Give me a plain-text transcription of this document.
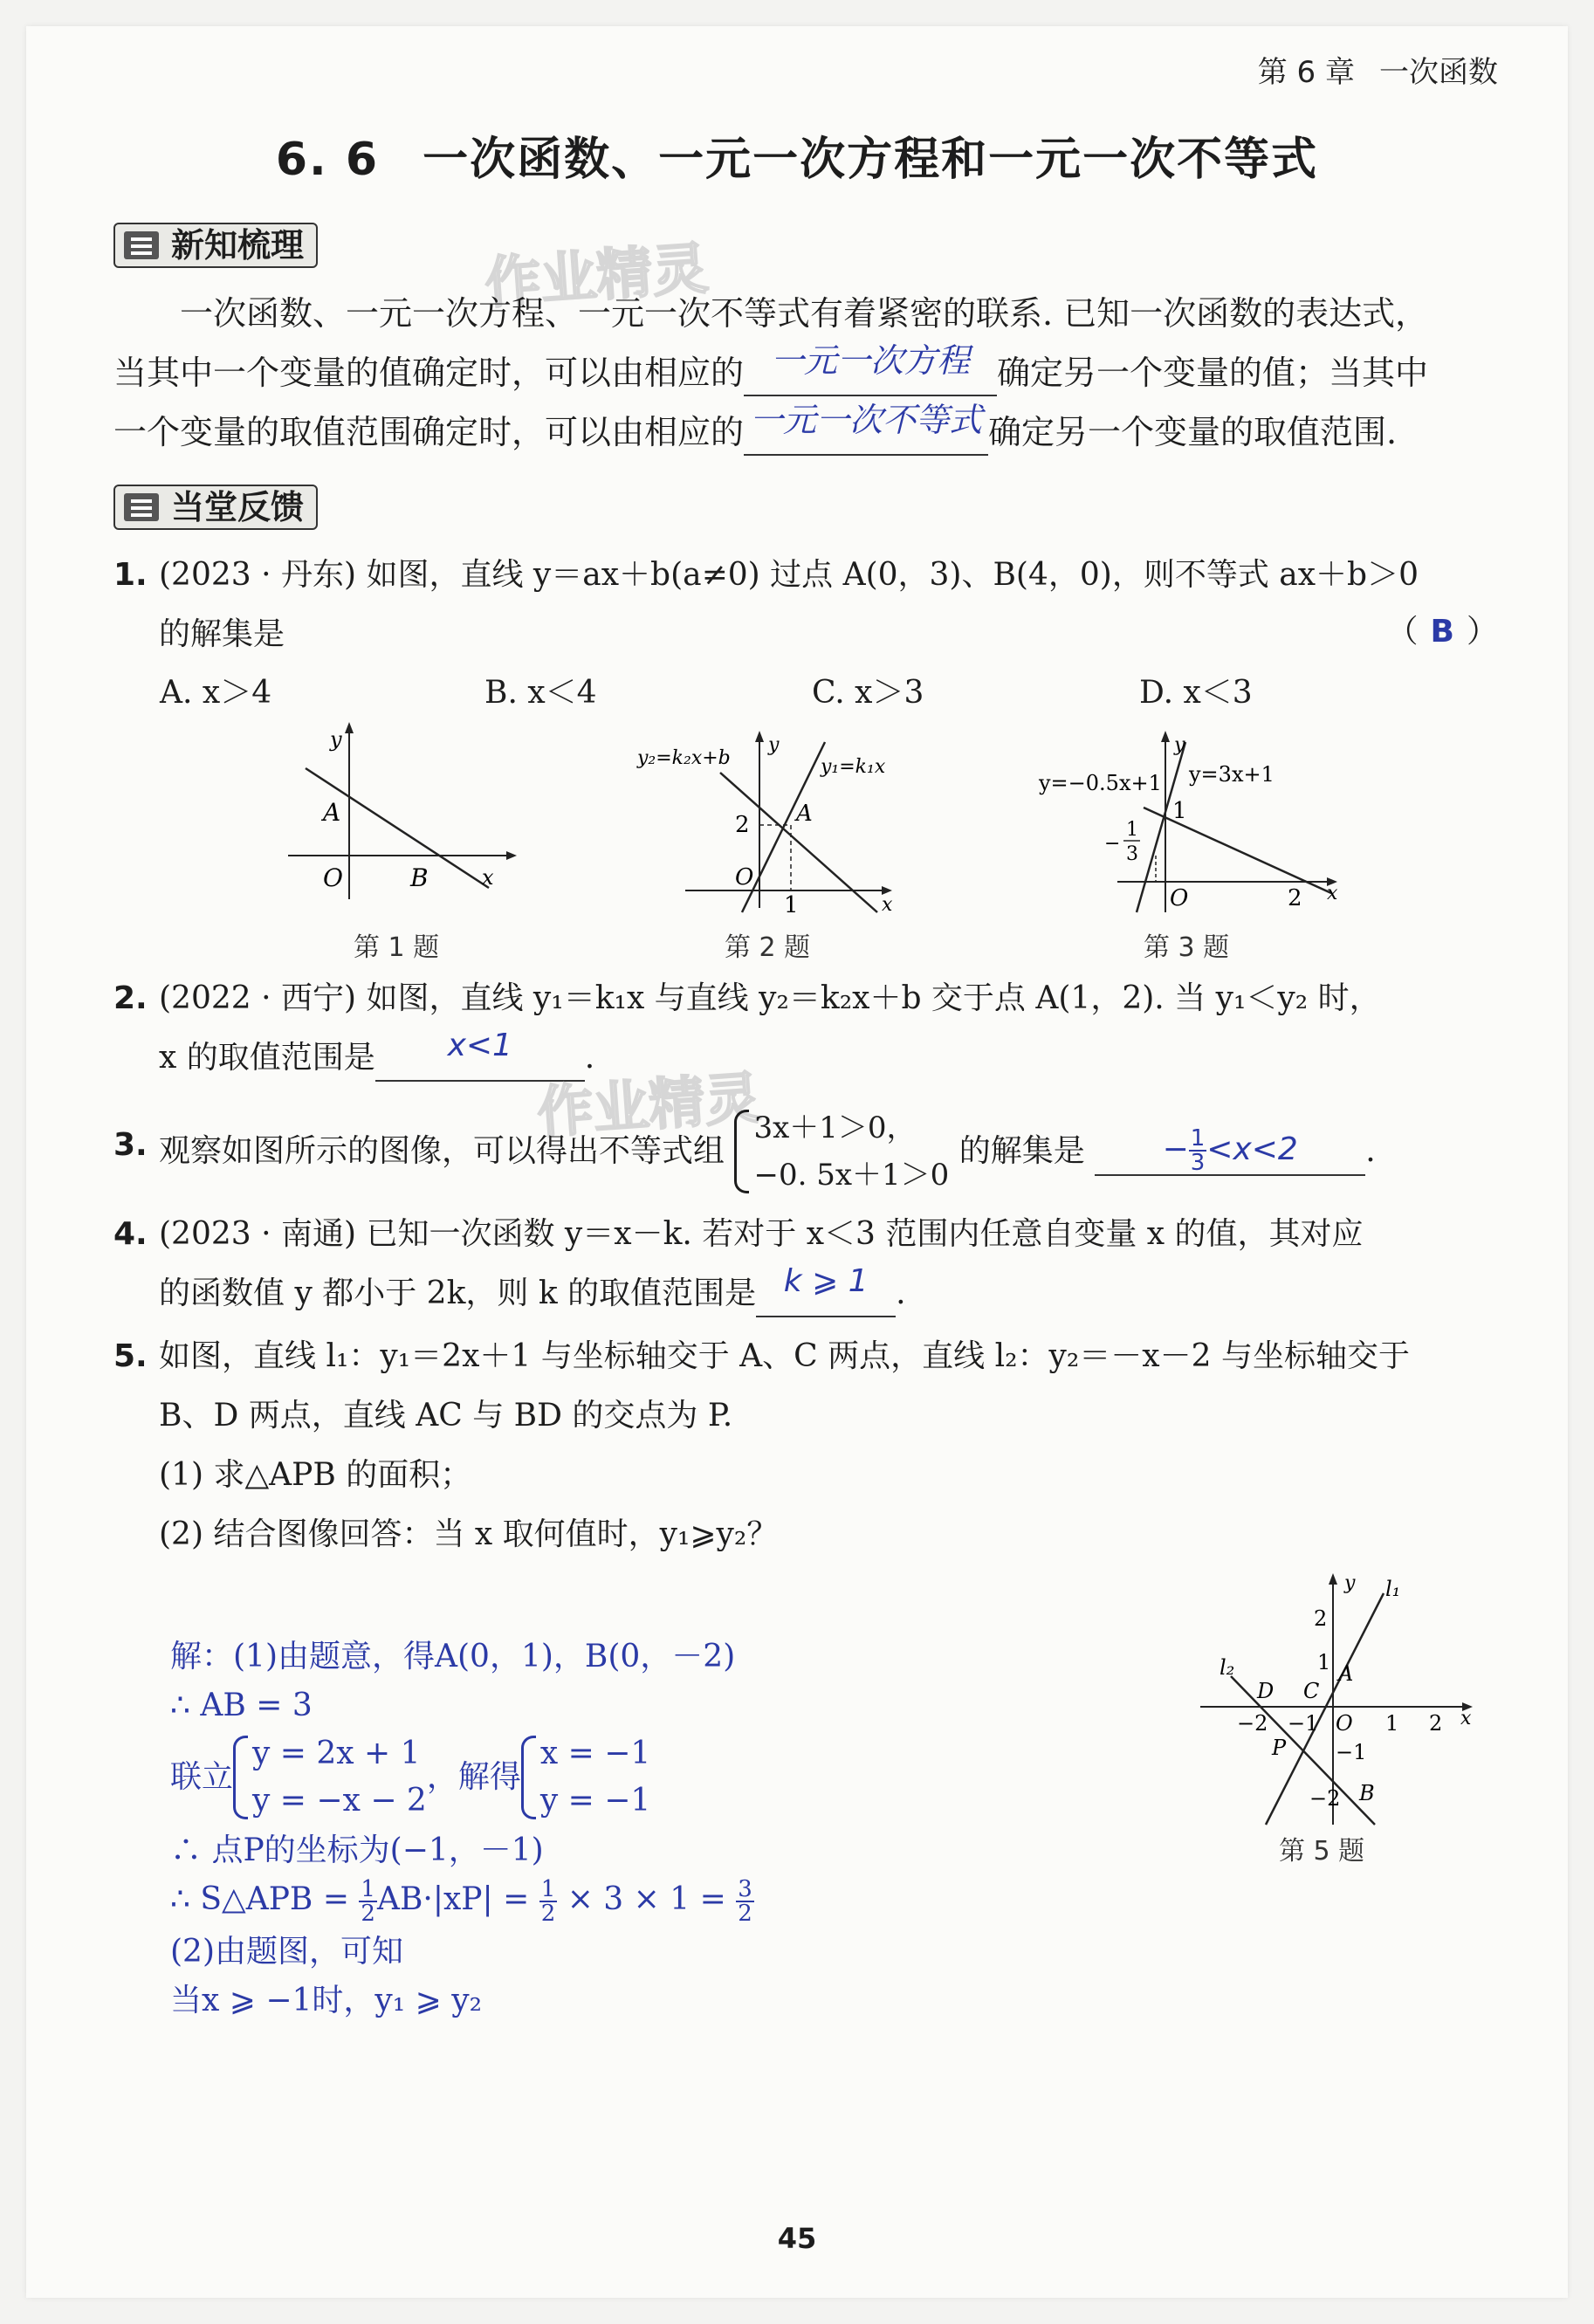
第 6 章 一次函数
6. 6 一次函数、一元一次方程和一元一次不等式
新知梳理	作业精灵
一次函数、一元一次方程、一元一次不等式有着紧密的联系. 已知一次函数的表达式，
当其中一个变量的值确定时，可以由相应的 一元一次方程 确定另一个变量的值；当其中
一个变量的取值范围确定时，可以由相应的 一元一次不等式 确定另一个变量的取值范围.
当堂反馈
1. (2023 · 丹东) 如图，直线 y＝ax＋b(a≠0) 过点 A(0，3)、B(4，0)，则不等式 ax＋b＞0

的解集是	（ B ）
A. x＞4	B. x＜4	C. x＞3	D. x＜3
A
O	B	x
y
第 1 题
y₂=k₂x+b	y₁=k₁x
A
2
O
1	x
y
第 2 题
y=−0.5x+1 y=3x+1
1
−
1
3
O	2 x
y
第 3 题
2. (2022 · 西宁) 如图，直线 y₁＝k₁x 与直线 y₂＝k₂x＋b 交于点 A(1，2). 当 y₁＜y₂ 时，

x 的取值范围是 x<1 .
作业精灵
3. 观察如图所示的图像，可以得出不等式组 3x＋1＞0，
−0. 5x＋1＞0 的解集是 − $\frac{1}{3} <x<2$ .
4. (2023 · 南通) 已知一次函数 y＝x－k. 若对于 x＜3 范围内任意自变量 x 的值，其对应

的函数值 y 都小于 2k，则 k 的取值范围是 k ⩾ 1 .
5. 如图，直线 l₁：y₁＝2x＋1 与坐标轴交于 A、C 两点，直线 l₂：y₂＝－x－2 与坐标轴交于

B、D 两点，直线 AC 与 BD 的交点为 P.
(1) 求△APB 的面积；
(2) 结合图像回答：当 x 取何值时，y₁⩾y₂？
l₁
l₂	A
C
D
P
B
O
−2 −1	1 2
2
1
−1
−2
x
y
第 5 题
解：(1)由题意，得A(0，1)，B(0，－2)
∴ AB = 3
联立y = 2x + 1
y = −x − 2，解得x = −1
y = −1
∴ 点P的坐标为(−1，－1)
∴ S△APB = $\frac{1}{2} AB\cdot|xP| = \frac{1}{2} \times 3 \times 1 = \frac{3}{2}$
(2)由题图，可知
当x ⩾ −1时，y₁ ⩾ y₂
45
